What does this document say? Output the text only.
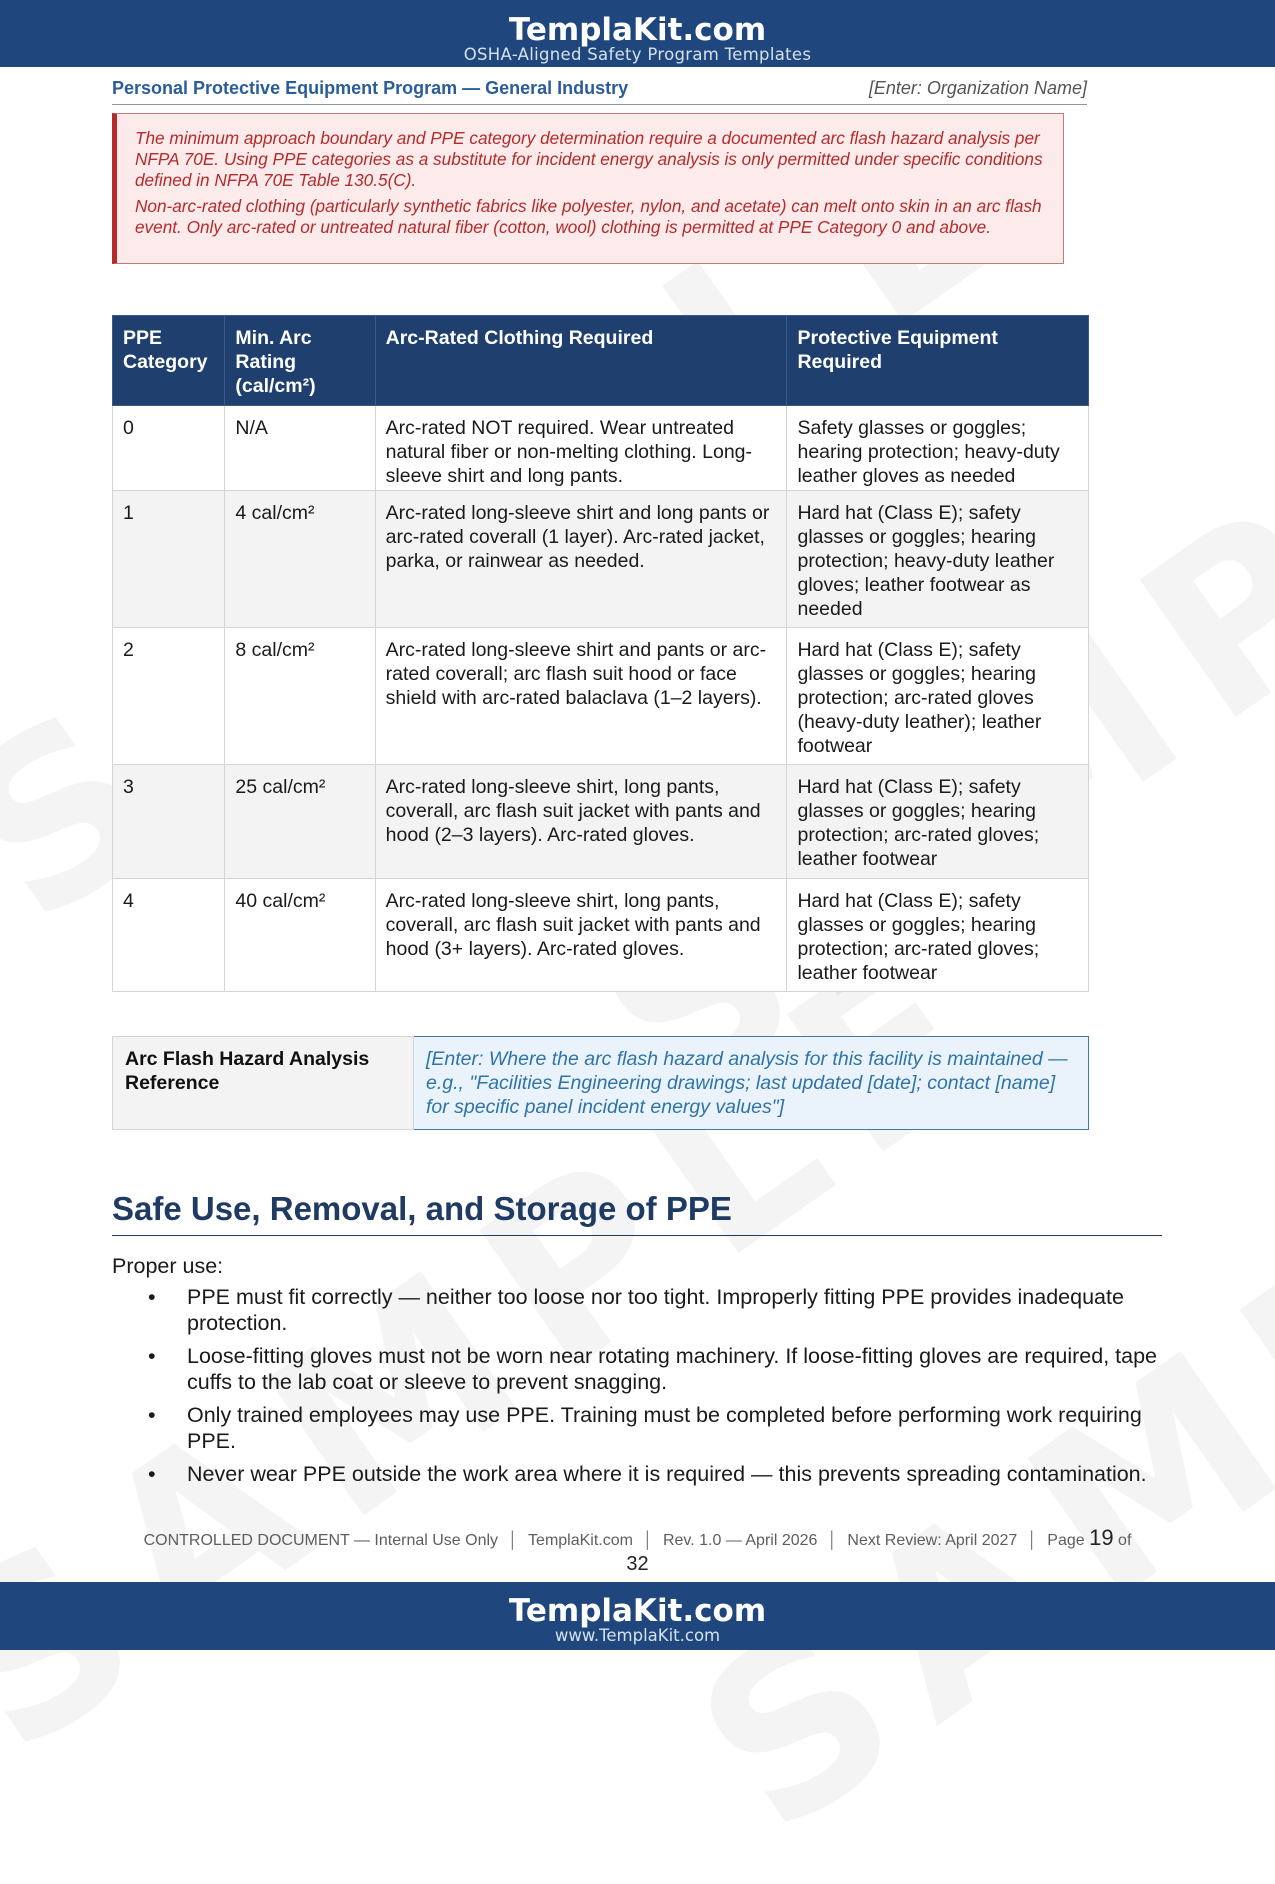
TemplaKit.com
OSHA-Aligned Safety Program Templates
Personal Protective Equipment Program — General Industry	[Enter: Organization Name]

The minimum approach boundary and PPE category determination require a documented arc flash hazard analysis per NFPA 70E. Using PPE categories as a substitute for incident energy analysis is only permitted under specific conditions defined in NFPA 70E Table 130.5(C).

Non-arc-rated clothing (particularly synthetic fabrics like polyester, nylon, and acetate) can melt onto skin in an arc flash event. Only arc-rated or untreated natural fiber (cotton, wool) clothing is permitted at PPE Category 0 and above.

PPE Category	Min. Arc Rating (cal/cm²)	Arc-Rated Clothing Required	Protective Equipment Required
0	N/A	Arc-rated NOT required. Wear untreated natural fiber or non-melting clothing. Long-sleeve shirt and long pants.	Safety glasses or goggles; hearing protection; heavy-duty leather gloves as needed
1	4 cal/cm²	Arc-rated long-sleeve shirt and long pants or arc-rated coverall (1 layer). Arc-rated jacket, parka, or rainwear as needed.	Hard hat (Class E); safety glasses or goggles; hearing protection; heavy-duty leather gloves; leather footwear as needed
2	8 cal/cm²	Arc-rated long-sleeve shirt and pants or arc-rated coverall; arc flash suit hood or face shield with arc-rated balaclava (1–2 layers).	Hard hat (Class E); safety glasses or goggles; hearing protection; arc-rated gloves (heavy-duty leather); leather footwear
3	25 cal/cm²	Arc-rated long-sleeve shirt, long pants, coverall, arc flash suit jacket with pants and hood (2–3 layers). Arc-rated gloves.	Hard hat (Class E); safety glasses or goggles; hearing protection; arc-rated gloves; leather footwear
4	40 cal/cm²	Arc-rated long-sleeve shirt, long pants, coverall, arc flash suit jacket with pants and hood (3+ layers). Arc-rated gloves.	Hard hat (Class E); safety glasses or goggles; hearing protection; arc-rated gloves; leather footwear
Arc Flash Hazard Analysis Reference	[Enter: Where the arc flash hazard analysis for this facility is maintained — e.g., "Facilities Engineering drawings; last updated [date]; contact [name] for specific panel incident energy values"]
Safe Use, Removal, and Storage of PPE
Proper use:
• PPE must fit correctly — neither too loose nor too tight. Improperly fitting PPE provides inadequate protection.
• Loose-fitting gloves must not be worn near rotating machinery. If loose-fitting gloves are required, tape cuffs to the lab coat or sleeve to prevent snagging.
• Only trained employees may use PPE. Training must be completed before performing work requiring PPE.
• Never wear PPE outside the work area where it is required — this prevents spreading contamination.
CONTROLLED DOCUMENT — Internal Use Only │ TemplaKit.com │ Rev. 1.0 — April 2026 │ Next Review: April 2027 │ Page 19 of
32
TemplaKit.com
www.TemplaKit.com
